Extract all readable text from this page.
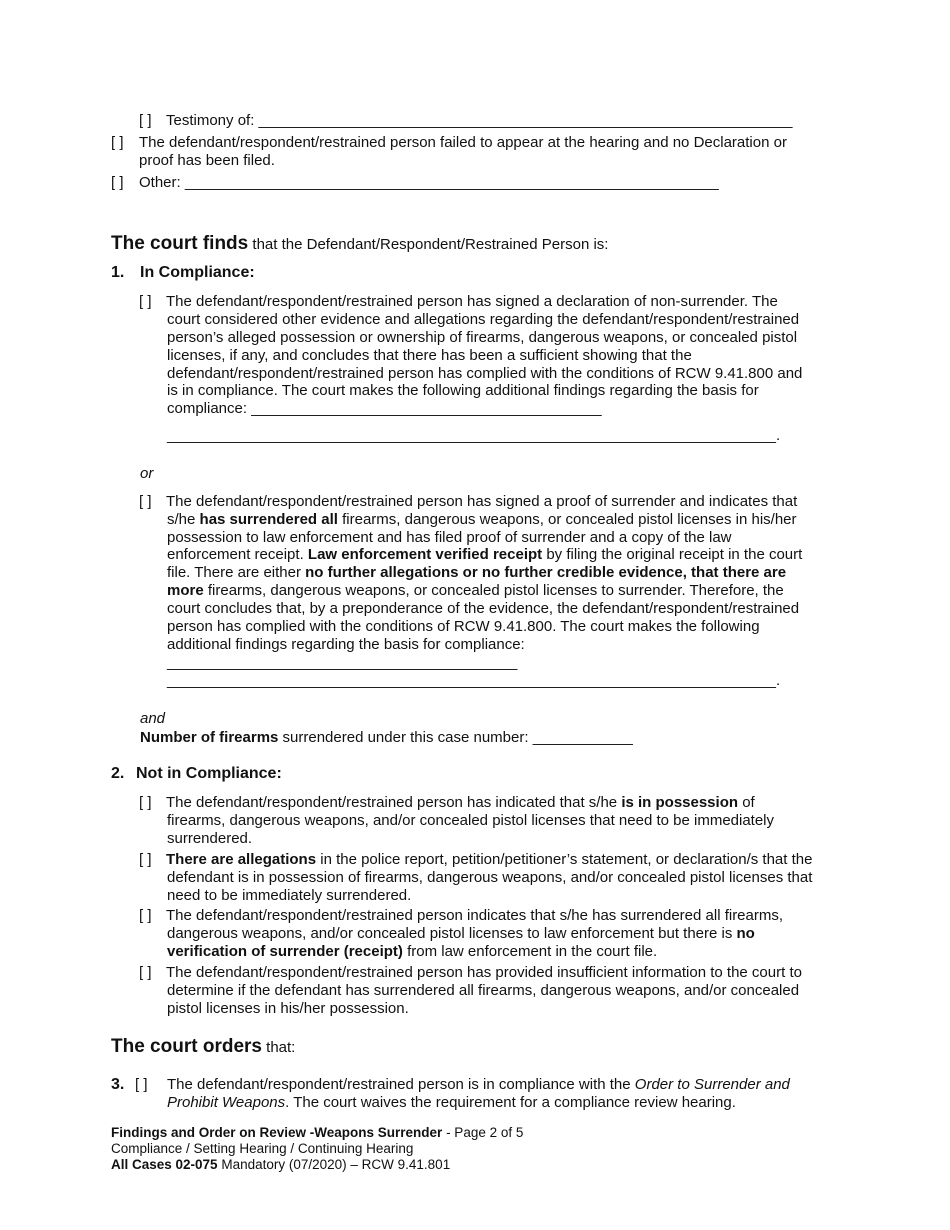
[ ] Testimony of: ________________________________________________________________
[ ] The defendant/respondent/restrained person failed to appear at the hearing and no Declaration or
proof has been filed.
[ ] Other: ________________________________________________________________
The court finds that the Defendant/Respondent/Restrained Person is:
1. In Compliance:
[ ] The defendant/respondent/restrained person has signed a declaration of non-surrender. The
court considered other evidence and allegations regarding the defendant/respondent/restrained
person’s alleged possession or ownership of firearms, dangerous weapons, or concealed pistol
licenses, if any, and concludes that there has been a sufficient showing that the
defendant/respondent/restrained person has complied with the conditions of RCW 9.41.800 and
is in compliance. The court makes the following additional findings regarding the basis for
compliance: __________________________________________
_________________________________________________________________________.
or
[ ] The defendant/respondent/restrained person has signed a proof of surrender and indicates that
s/he has surrendered all firearms, dangerous weapons, or concealed pistol licenses in his/her
possession to law enforcement and has filed proof of surrender and a copy of the law
enforcement receipt. Law enforcement verified receipt by filing the original receipt in the court
file. There are either no further allegations or no further credible evidence, that there are
more firearms, dangerous weapons, or concealed pistol licenses to surrender. Therefore, the
court concludes that, by a preponderance of the evidence, the defendant/respondent/restrained
person has complied with the conditions of RCW 9.41.800. The court makes the following
additional findings regarding the basis for compliance:
__________________________________________
_________________________________________________________________________.
and
Number of firearms surrendered under this case number: ____________
2. Not in Compliance:
[ ] The defendant/respondent/restrained person has indicated that s/he is in possession of
firearms, dangerous weapons, and/or concealed pistol licenses that need to be immediately
surrendered.
[ ] There are allegations in the police report, petition/petitioner’s statement, or declaration/s that the
defendant is in possession of firearms, dangerous weapons, and/or concealed pistol licenses that
need to be immediately surrendered.
[ ] The defendant/respondent/restrained person indicates that s/he has surrendered all firearms,
dangerous weapons, and/or concealed pistol licenses to law enforcement but there is no
verification of surrender (receipt) from law enforcement in the court file.
[ ] The defendant/respondent/restrained person has provided insufficient information to the court to
determine if the defendant has surrendered all firearms, dangerous weapons, and/or concealed
pistol licenses in his/her possession.
The court orders that:
3. [ ] The defendant/respondent/restrained person is in compliance with the Order to Surrender and
Prohibit Weapons. The court waives the requirement for a compliance review hearing.
Findings and Order on Review -Weapons Surrender - Page 2 of 5
Compliance / Setting Hearing / Continuing Hearing
All Cases 02-075 Mandatory (07/2020) – RCW 9.41.801
